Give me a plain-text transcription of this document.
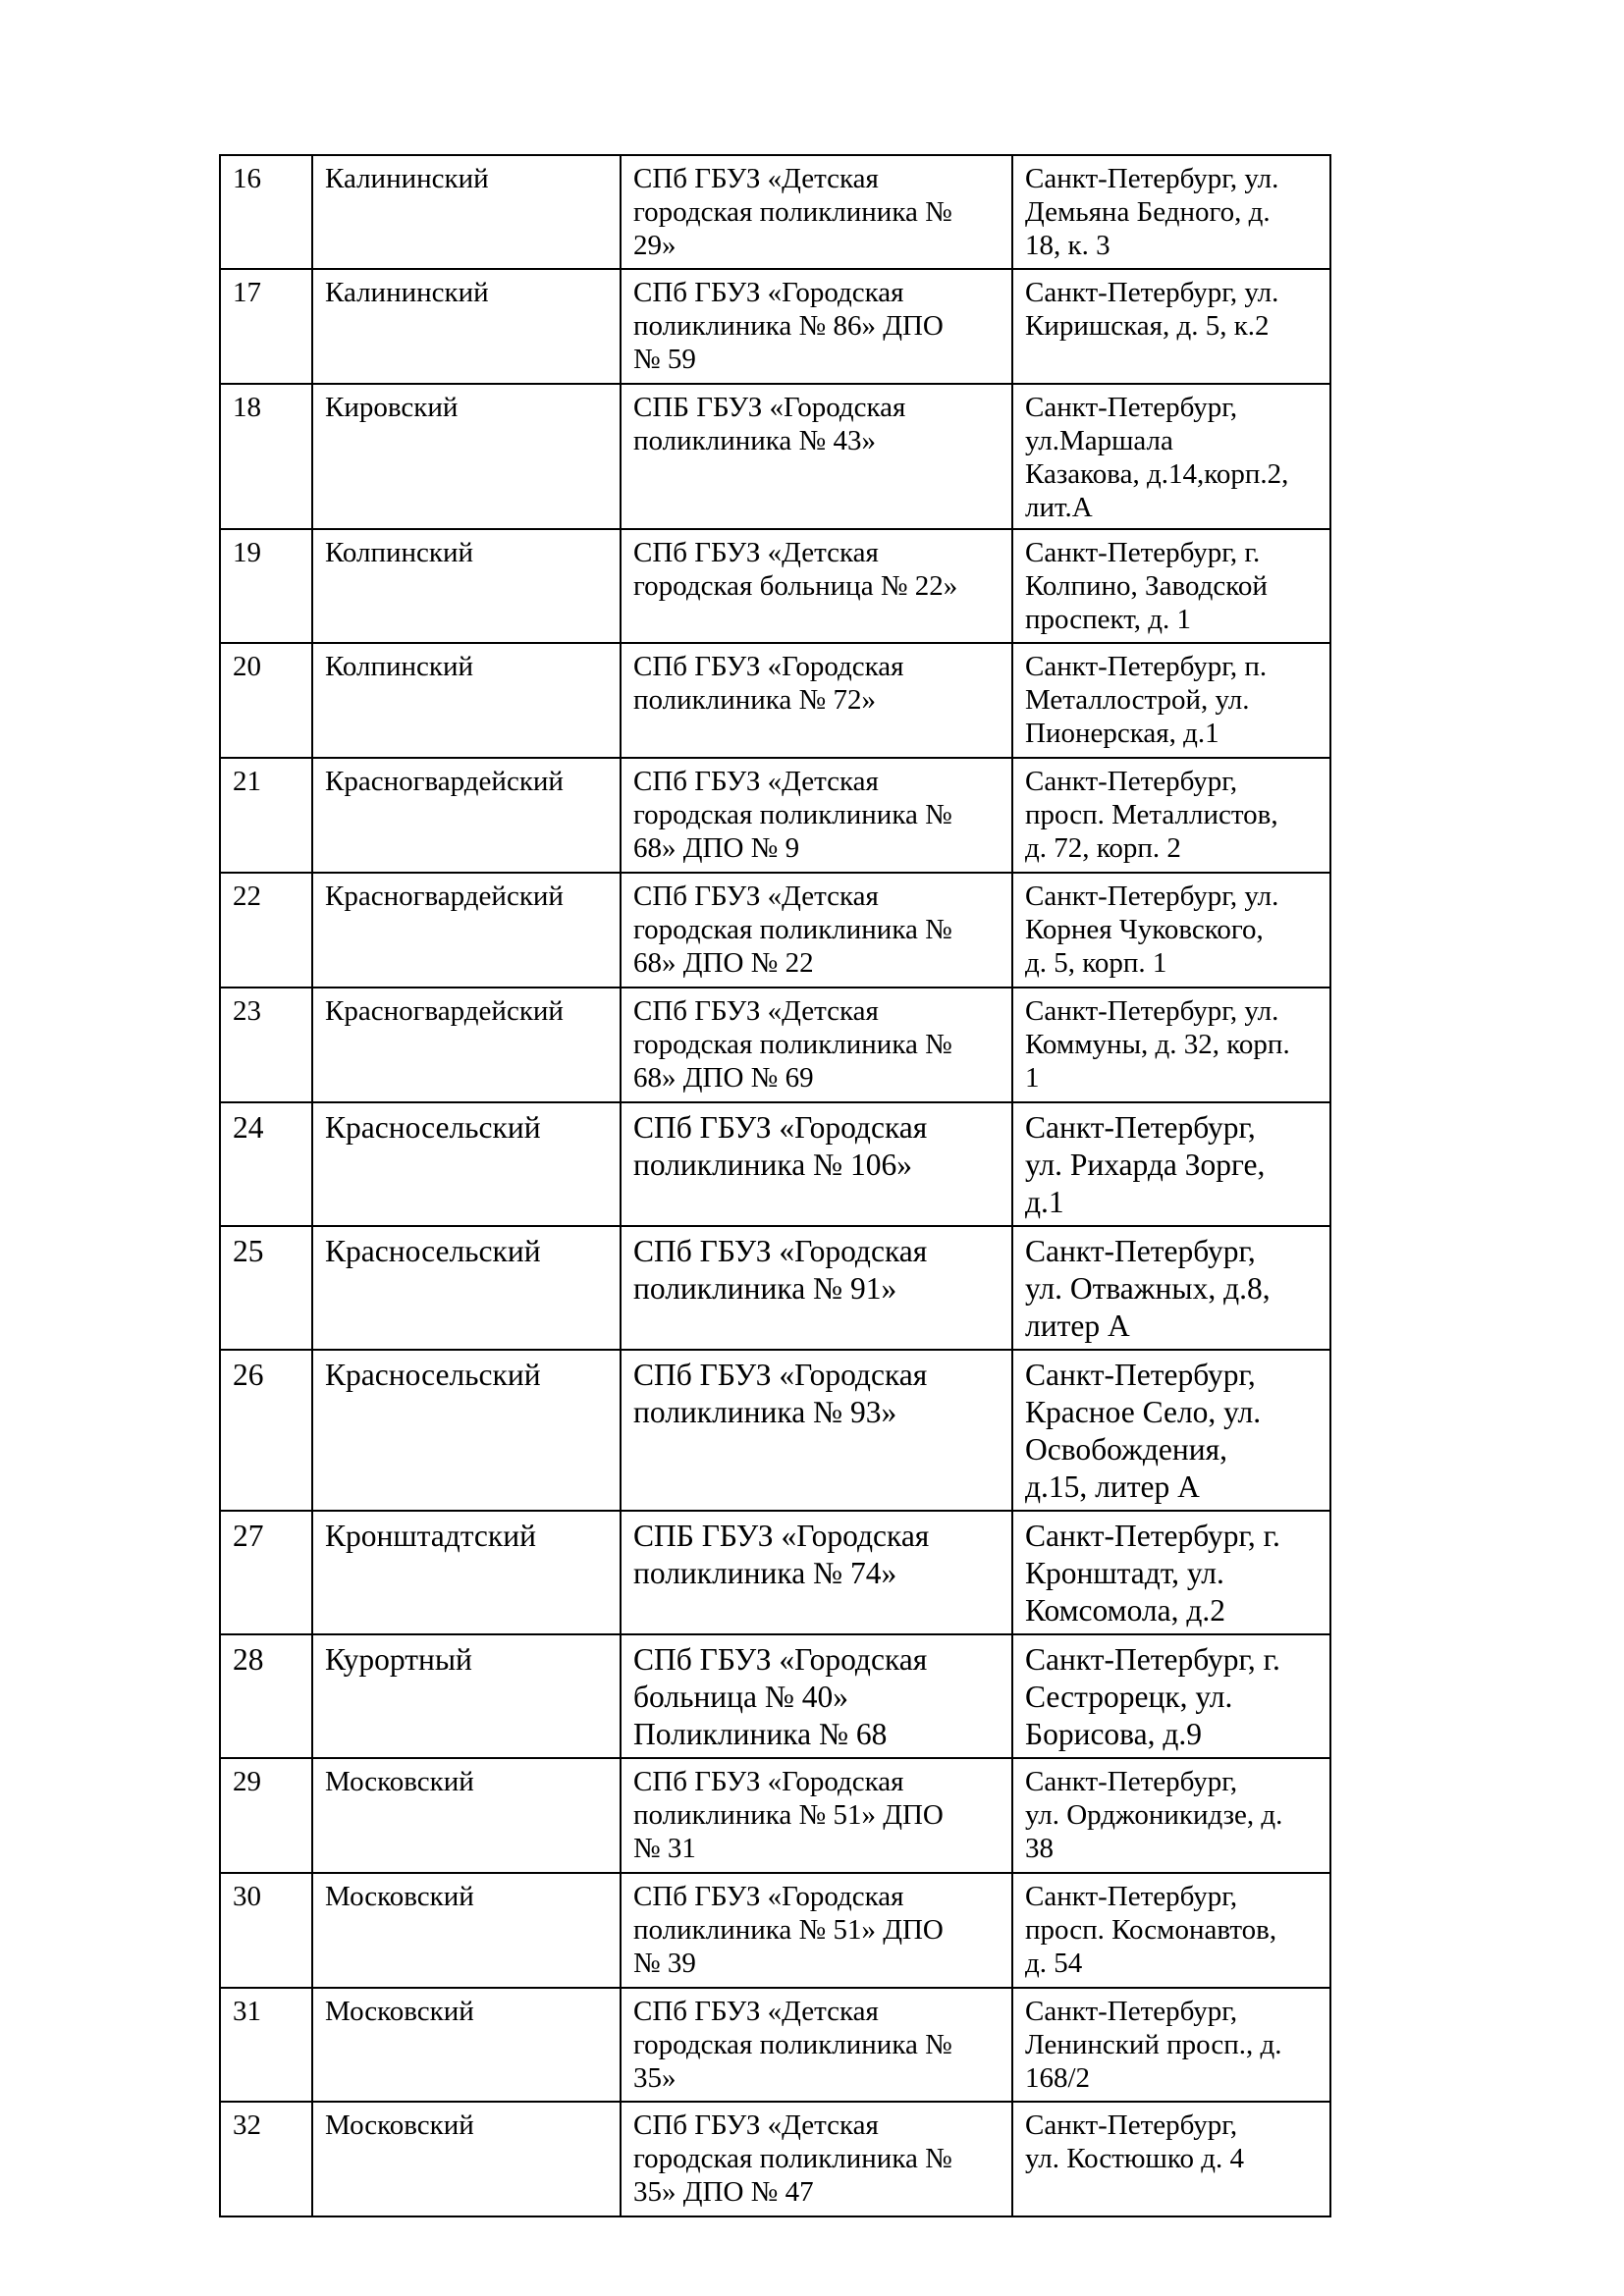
16	Калининский	СПб ГБУЗ «Детская
городская поликлиника №
29»	Санкт-Петербург, ул.
Демьяна Бедного, д.
18, к. 3

17	Калининский	СПб ГБУЗ «Городская
поликлиника № 86» ДПО
№ 59	Санкт-Петербург, ул.
Киришская, д. 5, к.2

18	Кировский	СПБ ГБУЗ «Городская
поликлиника № 43»	Санкт-Петербург,
ул.Маршала
Казакова, д.14,корп.2,
лит.А

19	Колпинский	СПб ГБУЗ «Детская
городская больница № 22»	Санкт-Петербург, г.
Колпино, Заводской
проспект, д. 1

20	Колпинский	СПб ГБУЗ «Городская
поликлиника № 72»	Санкт-Петербург, п.
Металлострой, ул.
Пионерская, д.1

21	Красногвардейский	СПб ГБУЗ «Детская
городская поликлиника №
68» ДПО № 9	Санкт-Петербург,
просп. Металлистов,
д. 72, корп. 2

22	Красногвардейский	СПб ГБУЗ «Детская
городская поликлиника №
68» ДПО № 22	Санкт-Петербург, ул.
Корнея Чуковского,
д. 5, корп. 1

23	Красногвардейский	СПб ГБУЗ «Детская
городская поликлиника №
68» ДПО № 69	Санкт-Петербург, ул.
Коммуны, д. 32, корп.
1

24	Красносельский	СПб ГБУЗ «Городская
поликлиника № 106»	Санкт-Петербург,
ул. Рихарда Зорге,
д.1

25	Красносельский	СПб ГБУЗ «Городская
поликлиника № 91»	Санкт-Петербург,
ул. Отважных, д.8,
литер А

26	Красносельский	СПб ГБУЗ «Городская
поликлиника № 93»	Санкт-Петербург,
Красное Село, ул.
Освобождения,
д.15, литер А

27	Кронштадтский	СПБ ГБУЗ «Городская
поликлиника № 74»	Санкт-Петербург, г.
Кронштадт, ул.
Комсомола, д.2

28	Курортный	СПб ГБУЗ «Городская
больница № 40»
Поликлиника № 68	Санкт-Петербург, г.
Сестрорецк, ул.
Борисова, д.9

29	Московский	СПб ГБУЗ «Городская
поликлиника № 51» ДПО
№ 31	Санкт-Петербург,
ул. Орджоникидзе, д.
38

30	Московский	СПб ГБУЗ «Городская
поликлиника № 51» ДПО
№ 39	Санкт-Петербург,
просп. Космонавтов,
д. 54

31	Московский	СПб ГБУЗ «Детская
городская поликлиника №
35»	Санкт-Петербург,
Ленинский просп., д.
168/2

32	Московский	СПб ГБУЗ «Детская
городская поликлиника №
35» ДПО № 47	Санкт-Петербург,
ул. Костюшко д. 4
